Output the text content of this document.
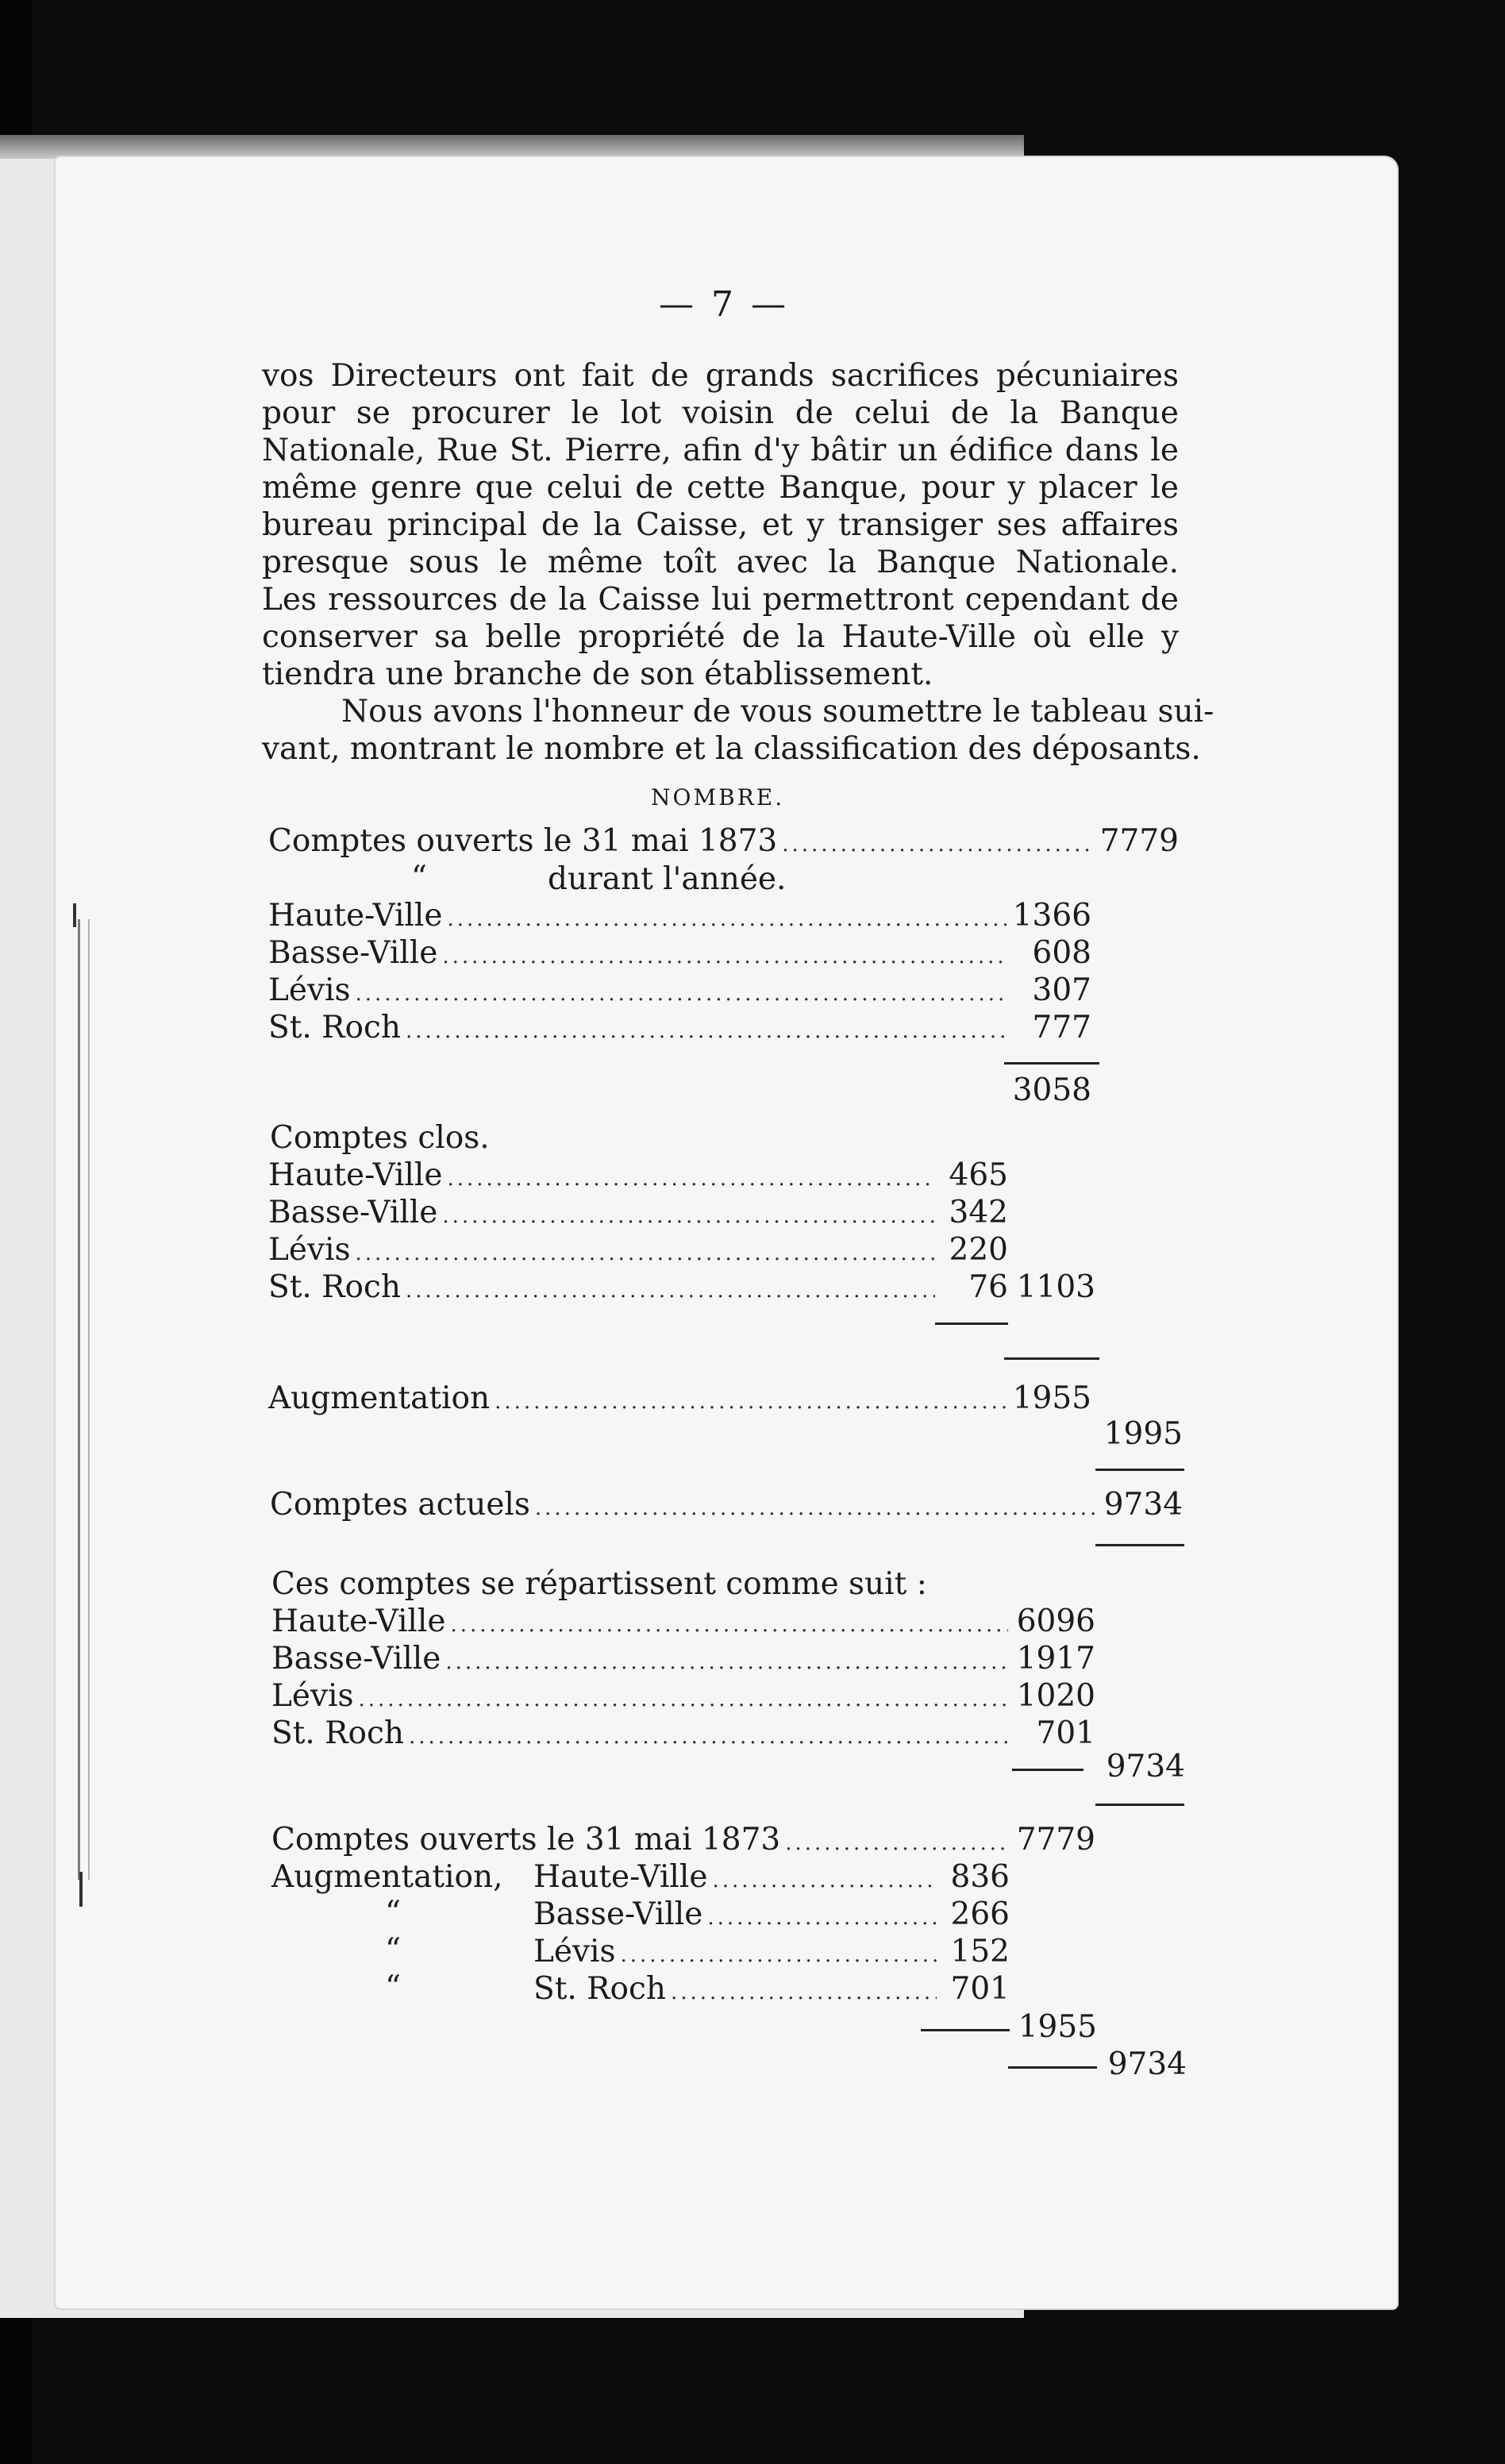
— 7 —
vos Directeurs ont fait de grands sacrifices pécuniaires
pour se procurer le lot voisin de celui de la Banque
Nationale, Rue St. Pierre, afin d'y bâtir un édifice dans le
même genre que celui de cette Banque, pour y placer le
bureau principal de la Caisse, et y transiger ses affaires
presque sous le même toît avec la Banque Nationale.
Les ressources de la Caisse lui permettront cependant de
conserver sa belle propriété de la Haute-Ville où elle y
tiendra une branche de son établissement.
Nous avons l'honneur de vous soumettre le tableau sui-
vant, montrant le nombre et la classification des déposants.
NOMBRE.
Comptes ouverts le 31 mai 1873 .....	7779
“	durant l'année.
Haute-Ville .....	1366
Basse-Ville .....	608
Lévis .....	307
St. Roch .....	777
3058
Comptes clos.
Haute-Ville .....	465
Basse-Ville .....	342
Lévis .....	220
St. Roch .....	76 1103
Augmentation .....	1955
1995
Comptes actuels .....	9734
Ces comptes se répartissent comme suit :
Haute-Ville .....	6096
Basse-Ville .....	1917
Lévis .....	1020
St. Roch .....	701
9734
Comptes ouverts le 31 mai 1873 .....	7779
Augmentation, Haute-Ville .....	836
“	Basse-Ville .....	266
“	Lévis .....	152
“	St. Roch .....	701
1955
9734
